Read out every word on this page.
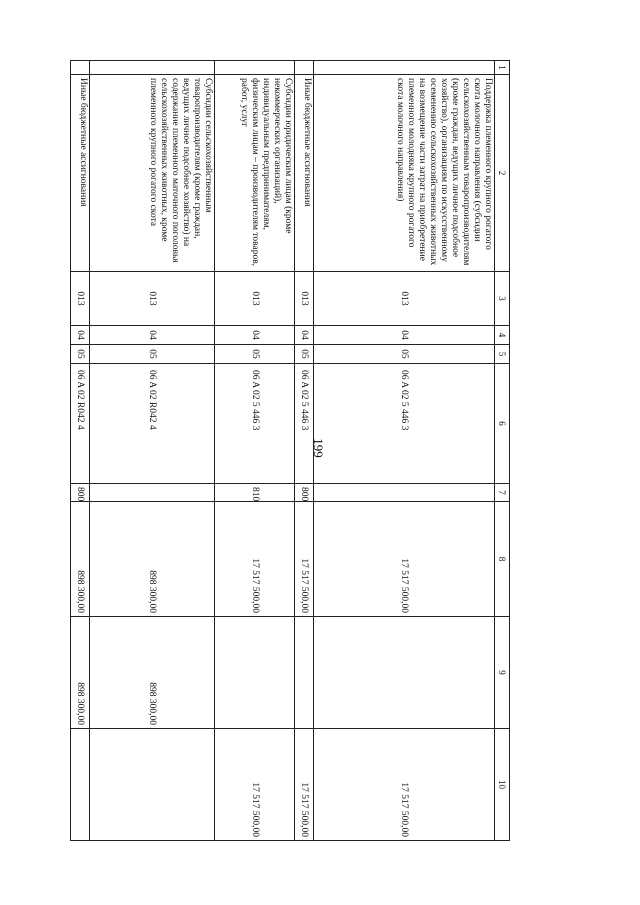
199
1	2	3	4	5	6	7	8	9	10
	Поддержка племенного крупного рогатого скота молочного направления (субсидии сельскохозяйственным товаропроизводителям (кроме граждан, ведущих личное подсобное хозяйство), организациям по искусственному осеменению сельскохозяйственных животных на возмещение части затрат на приобретение племенного молодняка крупного рогатого скота молочного направления)	013	04	05	06 A 02 5 446 3		17 517 500,00		17 517 500,00
	Иные бюджетные ассигнования	013	04	05	06 A 02 5 446 3	800	17 517 500,00		17 517 500,00
	Субсидии юридическим лицам (кроме некоммерческих организаций), индивидуальным предпринимателям, физическим лицам – производителям товаров, работ, услуг	013	04	05	06 A 02 5 446 3	810	17 517 500,00		17 517 500,00
	Субсидии сельскохозяйственным товаропроизводителям (кроме граждан, ведущих личное подсобное хозяйство) на содержание племенного маточного поголовья сельскохозяйственных животных, кроме племенного крупного рогатого скота	013	04	05	06 A 02 R042 4		898 300,00	898 300,00	
	Иные бюджетные ассигнования	013	04	05	06 A 02 R042 4	800	898 300,00	898 300,00	
